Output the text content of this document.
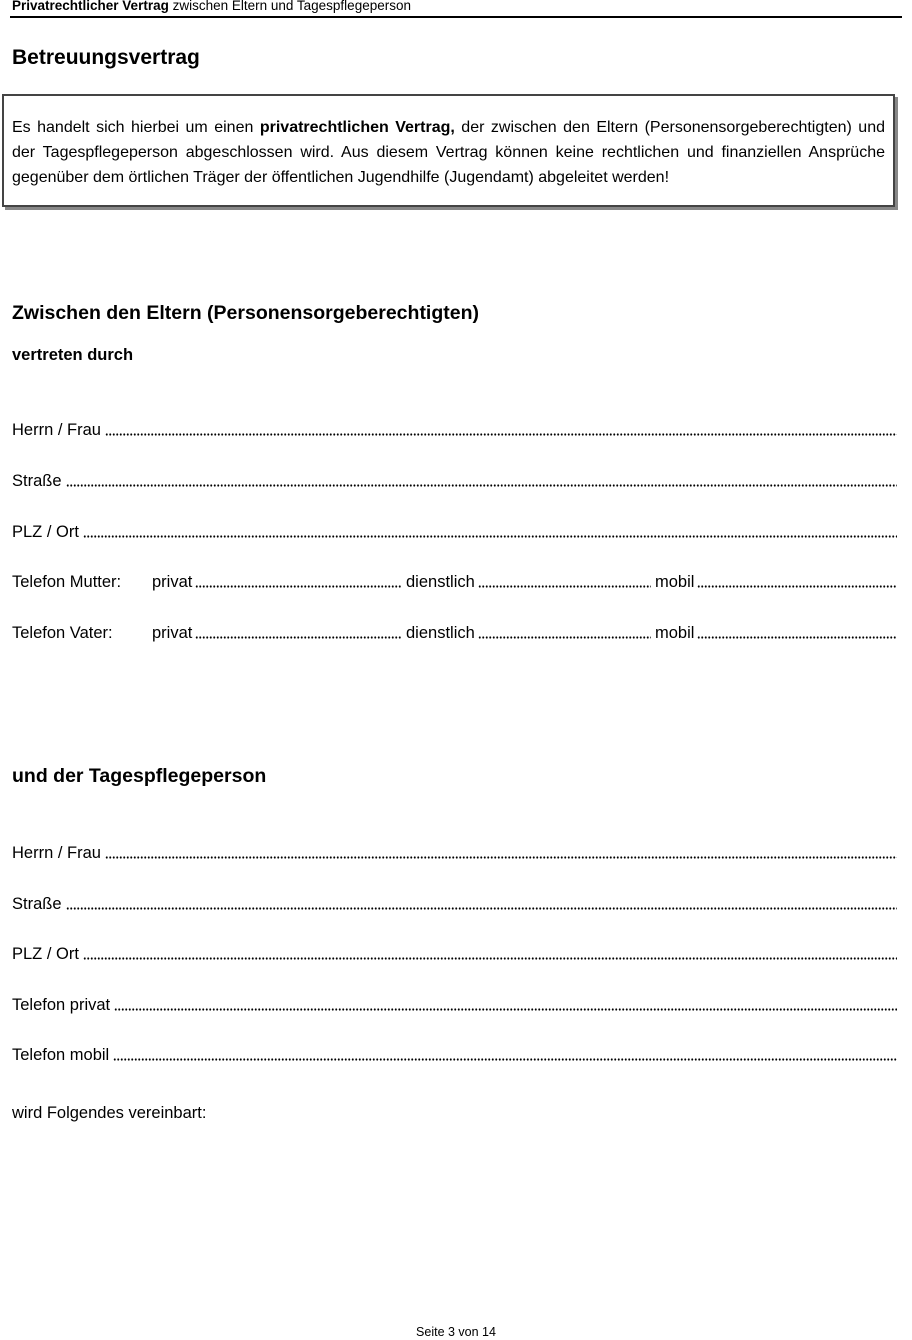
Privatrechtlicher Vertrag zwischen Eltern und Tagespflegeperson
Betreuungsvertrag

Es handelt sich hierbei um einen privatrechtlichen Vertrag, der zwischen den Eltern (Personensorgeberechtigten) und der Tagespflegeperson abgeschlossen wird. Aus diesem Vertrag können keine rechtlichen und finanziellen Ansprüche gegenüber dem örtlichen Träger der öffentlichen Jugendhilfe (Jugendamt) abgeleitet werden!

Zwischen den Eltern (Personensorgeberechtigten)
vertreten durch
Herrn / Frau
Straße
PLZ / Ort
Telefon Mutter: privat	dienstlich	mobil
Telefon Vater: privat	dienstlich	mobil
und der Tagespflegeperson
Herrn / Frau
Straße
PLZ / Ort
Telefon privat
Telefon mobil
wird Folgendes vereinbart:
Seite 3 von 14
